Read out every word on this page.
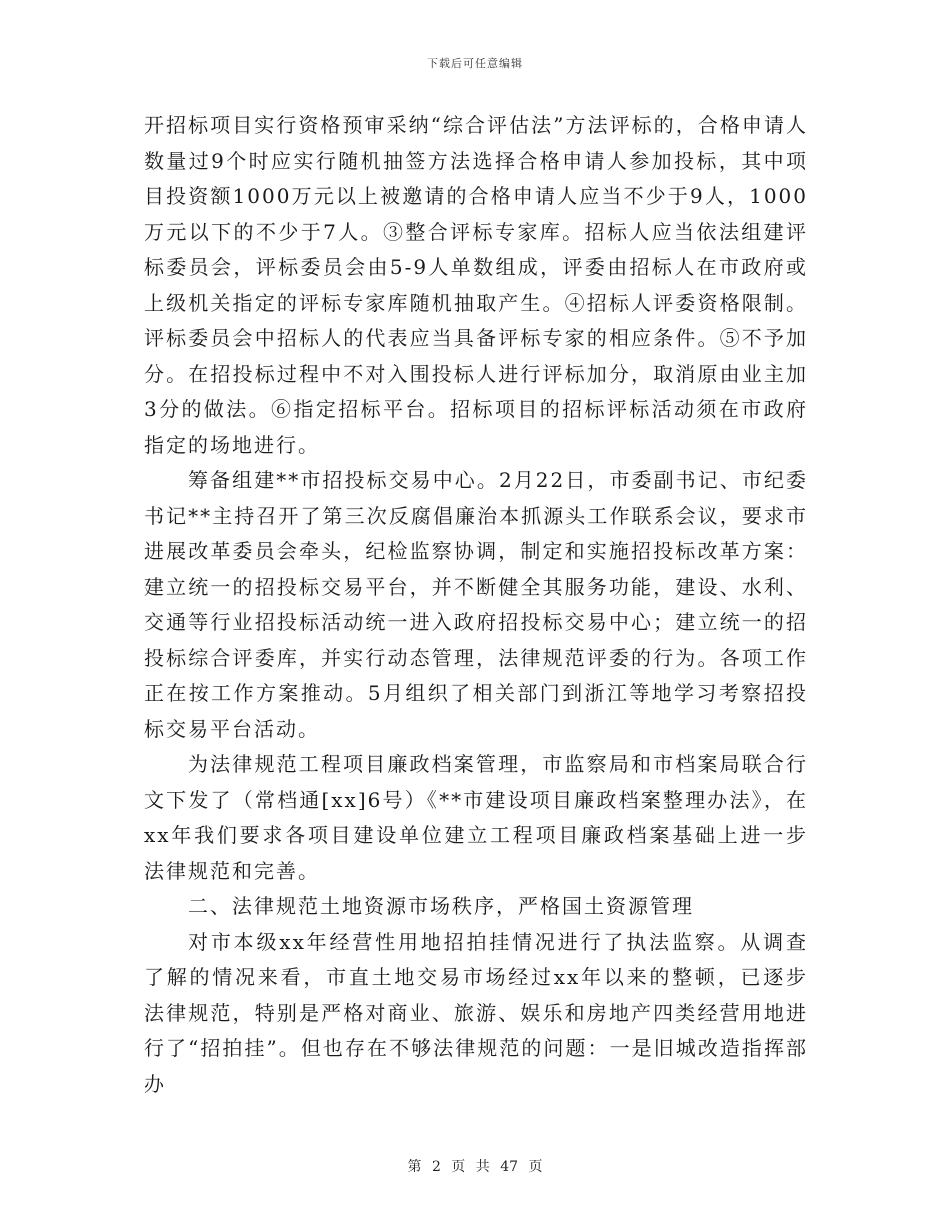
下载后可任意编辑

开招标项目实行资格预审采纳“综合评估法”方法评标的，合格申请人数量过9个时应实行随机抽签方法选择合格申请人参加投标，其中项目投资额1000万元以上被邀请的合格申请人应当不少于9人，1000万元以下的不少于7人。③整合评标专家库。招标人应当依法组建评标委员会，评标委员会由5-9人单数组成，评委由招标人在市政府或上级机关指定的评标专家库随机抽取产生。④招标人评委资格限制。评标委员会中招标人的代表应当具备评标专家的相应条件。⑤不予加分。在招投标过程中不对入围投标人进行评标加分，取消原由业主加3分的做法。⑥指定招标平台。招标项目的招标评标活动须在市政府指定的场地进行。

筹备组建**市招投标交易中心。2月22日，市委副书记、市纪委书记**主持召开了第三次反腐倡廉治本抓源头工作联系会议，要求市进展改革委员会牵头，纪检监察协调，制定和实施招投标改革方案：建立统一的招投标交易平台，并不断健全其服务功能，建设、水利、交通等行业招投标活动统一进入政府招投标交易中心；建立统一的招投标综合评委库，并实行动态管理，法律规范评委的行为。各项工作正在按工作方案推动。5月组织了相关部门到浙江等地学习考察招投标交易平台活动。

为法律规范工程项目廉政档案管理，市监察局和市档案局联合行文下发了（常档通[xx]6号）《**市建设项目廉政档案整理办法》，在xx年我们要求各项目建设单位建立工程项目廉政档案基础上进一步法律规范和完善。

二、法律规范土地资源市场秩序，严格国土资源管理

对市本级xx年经营性用地招拍挂情况进行了执法监察。从调查了解的情况来看，市直土地交易市场经过xx年以来的整顿，已逐步法律规范，特别是严格对商业、旅游、娱乐和房地产四类经营用地进行了“招拍挂”。但也存在不够法律规范的问题：一是旧城改造指挥部办

第 2 页 共 47 页
